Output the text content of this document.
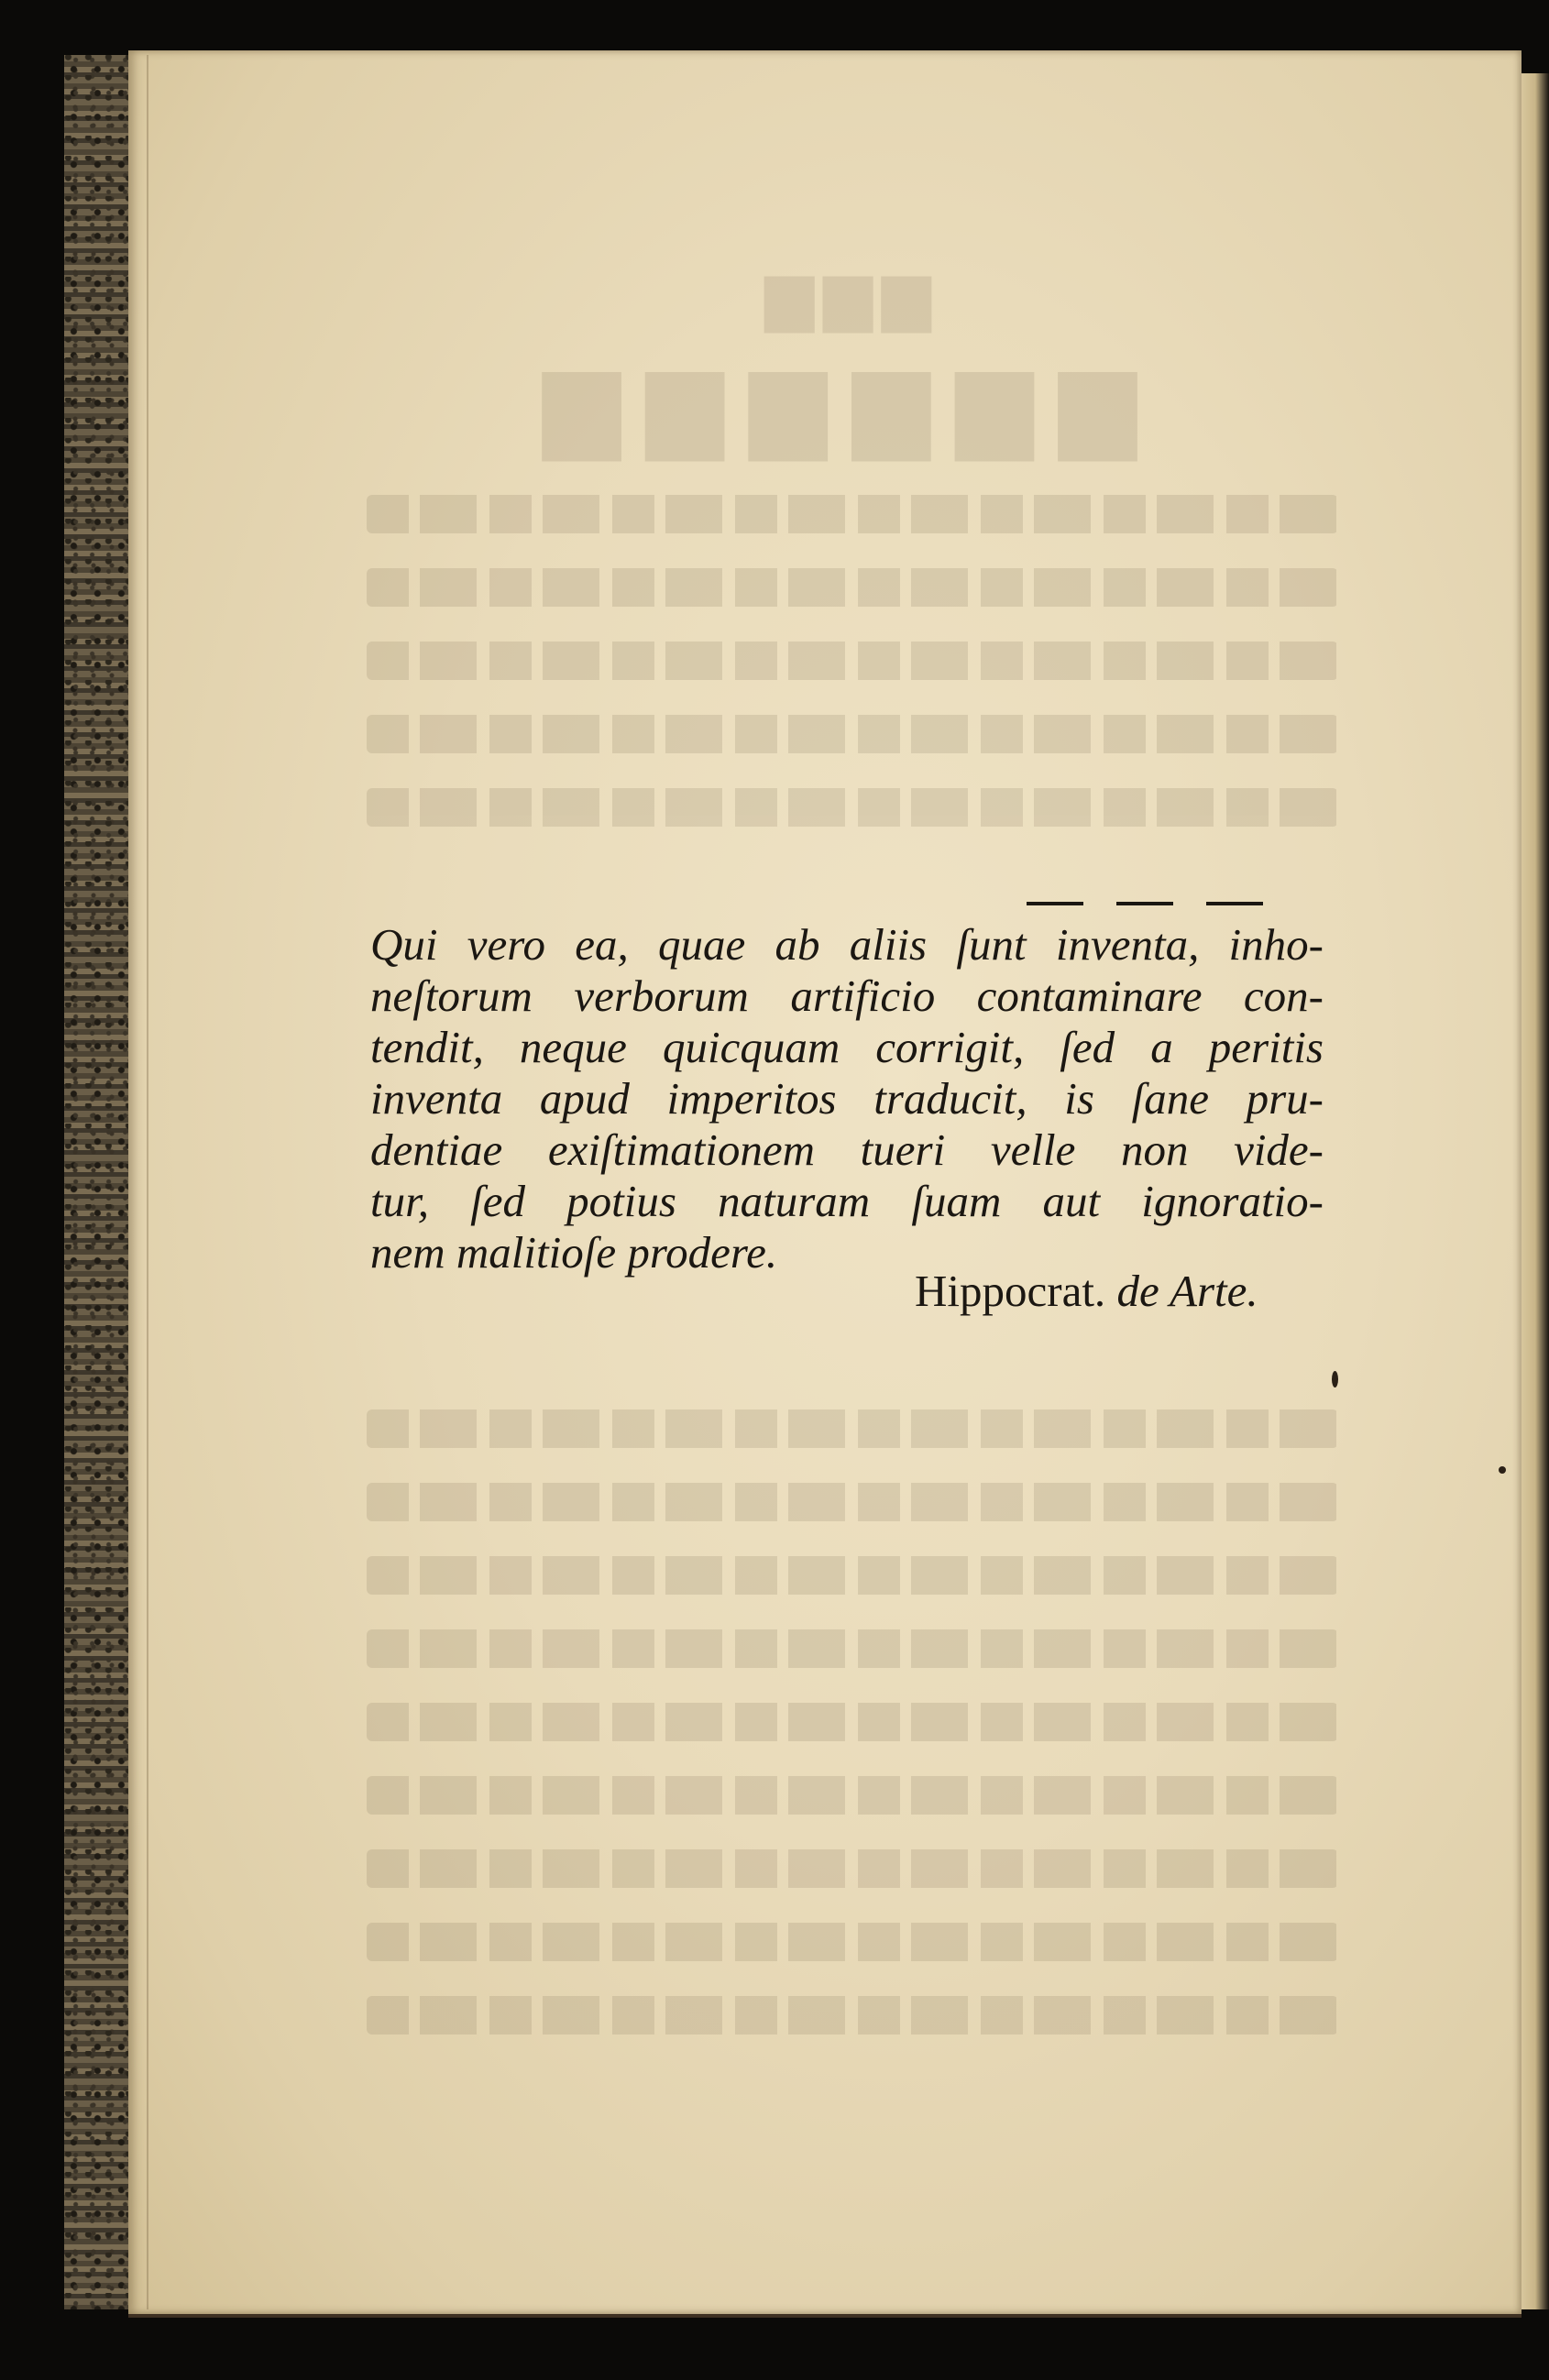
Qui vero ea, quae ab aliis ſunt inventa, inho-
neſtorum verborum artificio contaminare con-
tendit, neque quicquam corrigit, ſed a peritis
inventa apud imperitos traducit, is ſane pru-
dentiae exiſtimationem tueri velle non vide-
tur, ſed potius naturam ſuam aut ignoratio-
nem malitioſe prodere.
Hippocrat. de Arte.
